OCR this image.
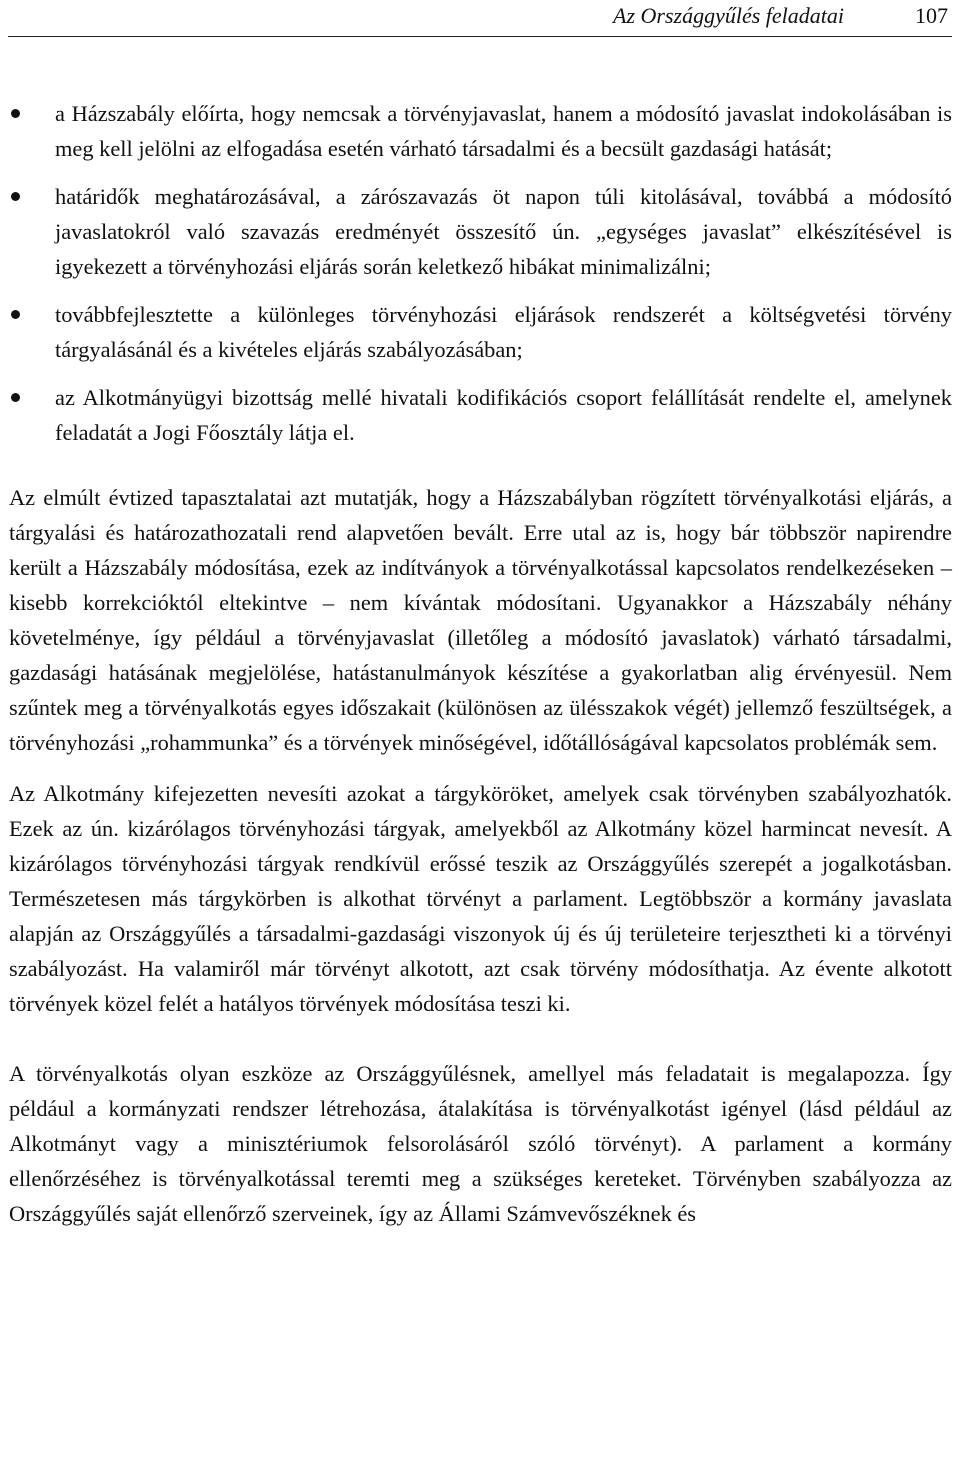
Az Országgyűlés feladatai	107
a Házszabály előírta, hogy nemcsak a törvényjavaslat, hanem a módosító javaslat indokolásában is meg kell jelölni az elfogadása esetén várható társadalmi és a becsült gazdasági hatását;
határidők meghatározásával, a zárószavazás öt napon túli kitolásával, továbbá a módosító javaslatokról való szavazás eredményét összesítő ún. „egységes javaslat” elkészítésével is igyekezett a törvényhozási eljárás során keletkező hibákat minimalizálni;
továbbfejlesztette a különleges törvényhozási eljárások rendszerét a költségvetési törvény tárgyalásánál és a kivételes eljárás szabályozásában;
az Alkotmányügyi bizottság mellé hivatali kodifikációs csoport felállítását rendelte el, amelynek feladatát a Jogi Főosztály látja el.

Az elmúlt évtized tapasztalatai azt mutatják, hogy a Házszabályban rögzített törvényalkotási eljárás, a tárgyalási és határozathozatali rend alapvetően bevált. Erre utal az is, hogy bár többször napirendre került a Házszabály módosítása, ezek az indítványok a törvényalkotással kapcsolatos rendelkezéseken – kisebb korrekcióktól eltekintve – nem kívántak módosítani. Ugyanakkor a Házszabály néhány követelménye, így például a törvényjavaslat (illetőleg a módosító javaslatok) várható társadalmi, gazdasági hatásának megjelölése, hatástanulmányok készítése a gyakorlatban alig érvényesül. Nem szűntek meg a törvényalkotás egyes időszakait (különösen az ülésszakok végét) jellemző feszültségek, a törvényhozási „rohammunka” és a törvények minőségével, időtállóságával kapcsolatos problémák sem.

Az Alkotmány kifejezetten nevesíti azokat a tárgyköröket, amelyek csak törvényben szabályozhatók. Ezek az ún. kizárólagos törvényhozási tárgyak, amelyekből az Alkotmány közel harmincat nevesít. A kizárólagos törvényhozási tárgyak rendkívül erőssé teszik az Országgyűlés szerepét a jogalkotásban. Természetesen más tárgykörben is alkothat törvényt a parlament. Legtöbbször a kormány javaslata alapján az Országgyűlés a társadalmi-gazdasági viszonyok új és új területeire terjesztheti ki a törvényi szabályozást. Ha valamiről már törvényt alkotott, azt csak törvény módosíthatja. Az évente alkotott törvények közel felét a hatályos törvények módosítása teszi ki.

A törvényalkotás olyan eszköze az Országgyűlésnek, amellyel más feladatait is megalapozza. Így például a kormányzati rendszer létrehozása, átalakítása is törvényalkotást igényel (lásd például az Alkotmányt vagy a minisztériumok felsorolásáról szóló törvényt). A parlament a kormány ellenőrzéséhez is törvényalkotással teremti meg a szükséges kereteket. Törvényben szabályozza az Országgyűlés saját ellenőrző szerveinek, így az Állami Számvevőszéknek és
